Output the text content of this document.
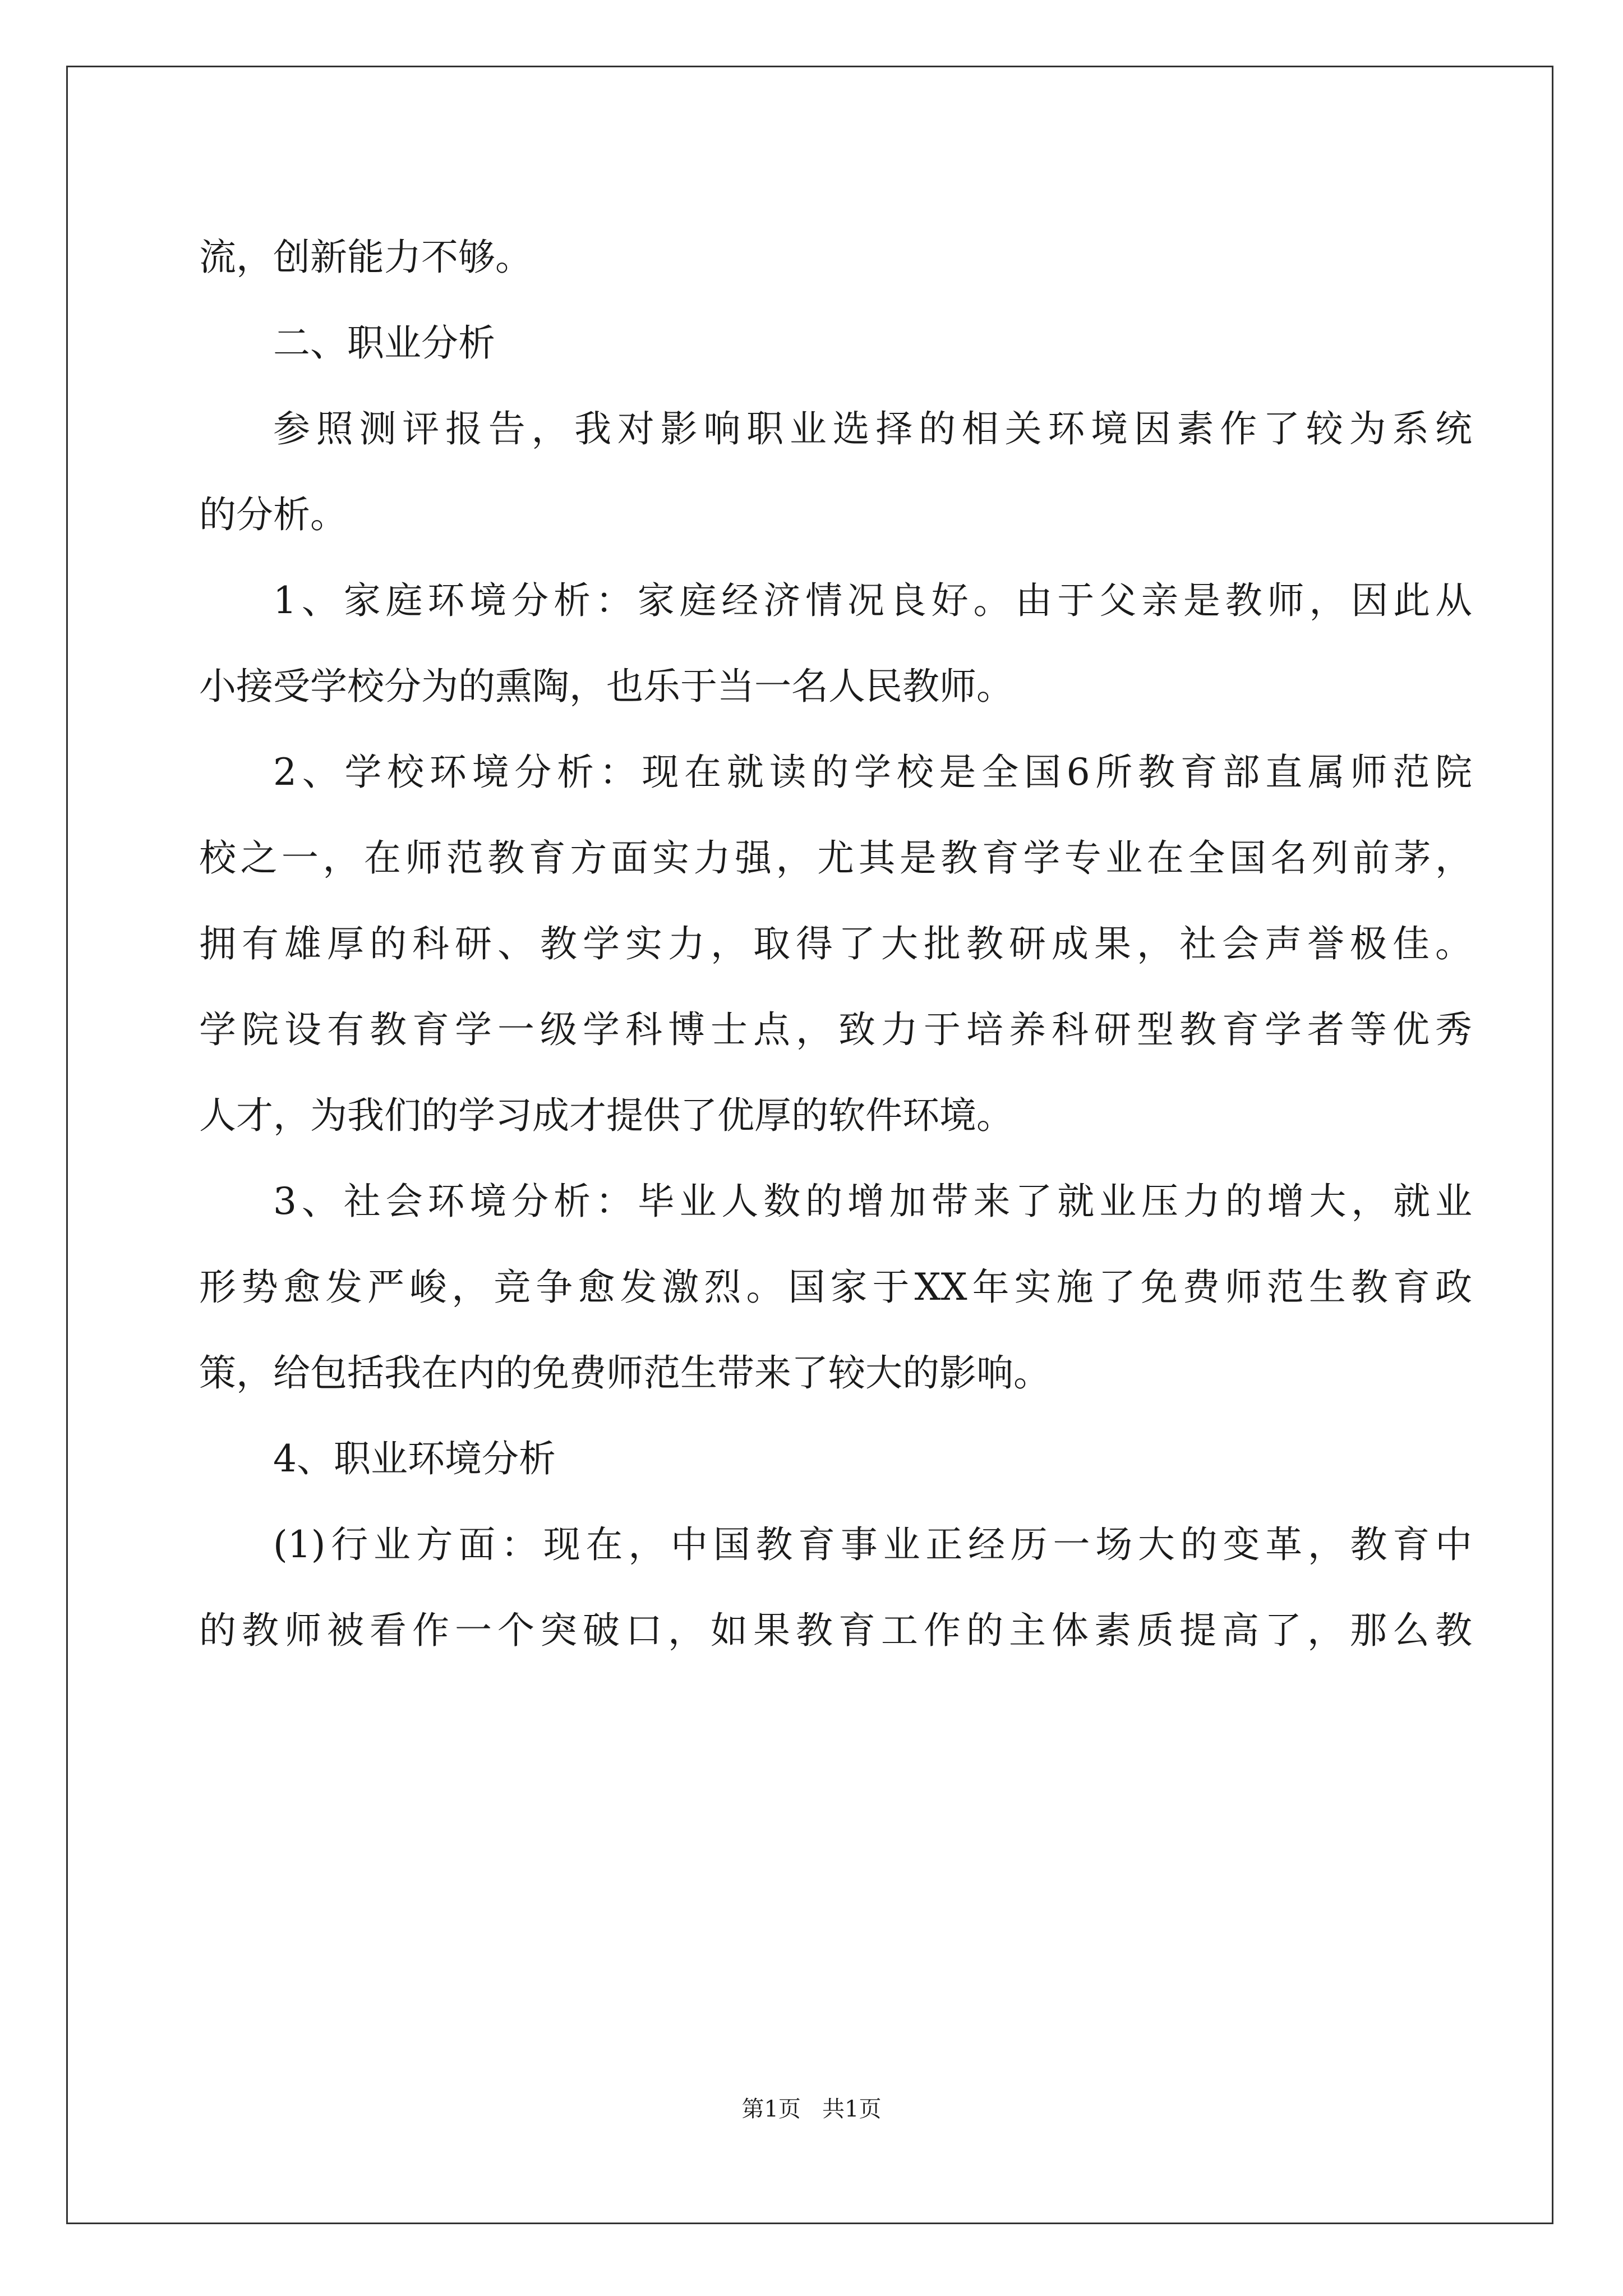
流，创新能力不够。
二、职业分析
参照测评报告，我对影响职业选择的相关环境因素作了较为系统
的分析。
1、家庭环境分析：家庭经济情况良好。由于父亲是教师，因此从
小接受学校分为的熏陶，也乐于当一名人民教师。
2、学校环境分析：现在就读的学校是全国6所教育部直属师范院
校之一，在师范教育方面实力强，尤其是教育学专业在全国名列前茅，
拥有雄厚的科研、教学实力，取得了大批教研成果，社会声誉极佳。
学院设有教育学一级学科博士点，致力于培养科研型教育学者等优秀
人才，为我们的学习成才提供了优厚的软件环境。
3、社会环境分析：毕业人数的增加带来了就业压力的增大，就业
形势愈发严峻，竞争愈发激烈。国家于XX年实施了免费师范生教育政
策，给包括我在内的免费师范生带来了较大的影响。
4、职业环境分析
(1)行业方面：现在，中国教育事业正经历一场大的变革，教育中
的教师被看作一个突破口，如果教育工作的主体素质提高了，那么教
第1页   共1页
